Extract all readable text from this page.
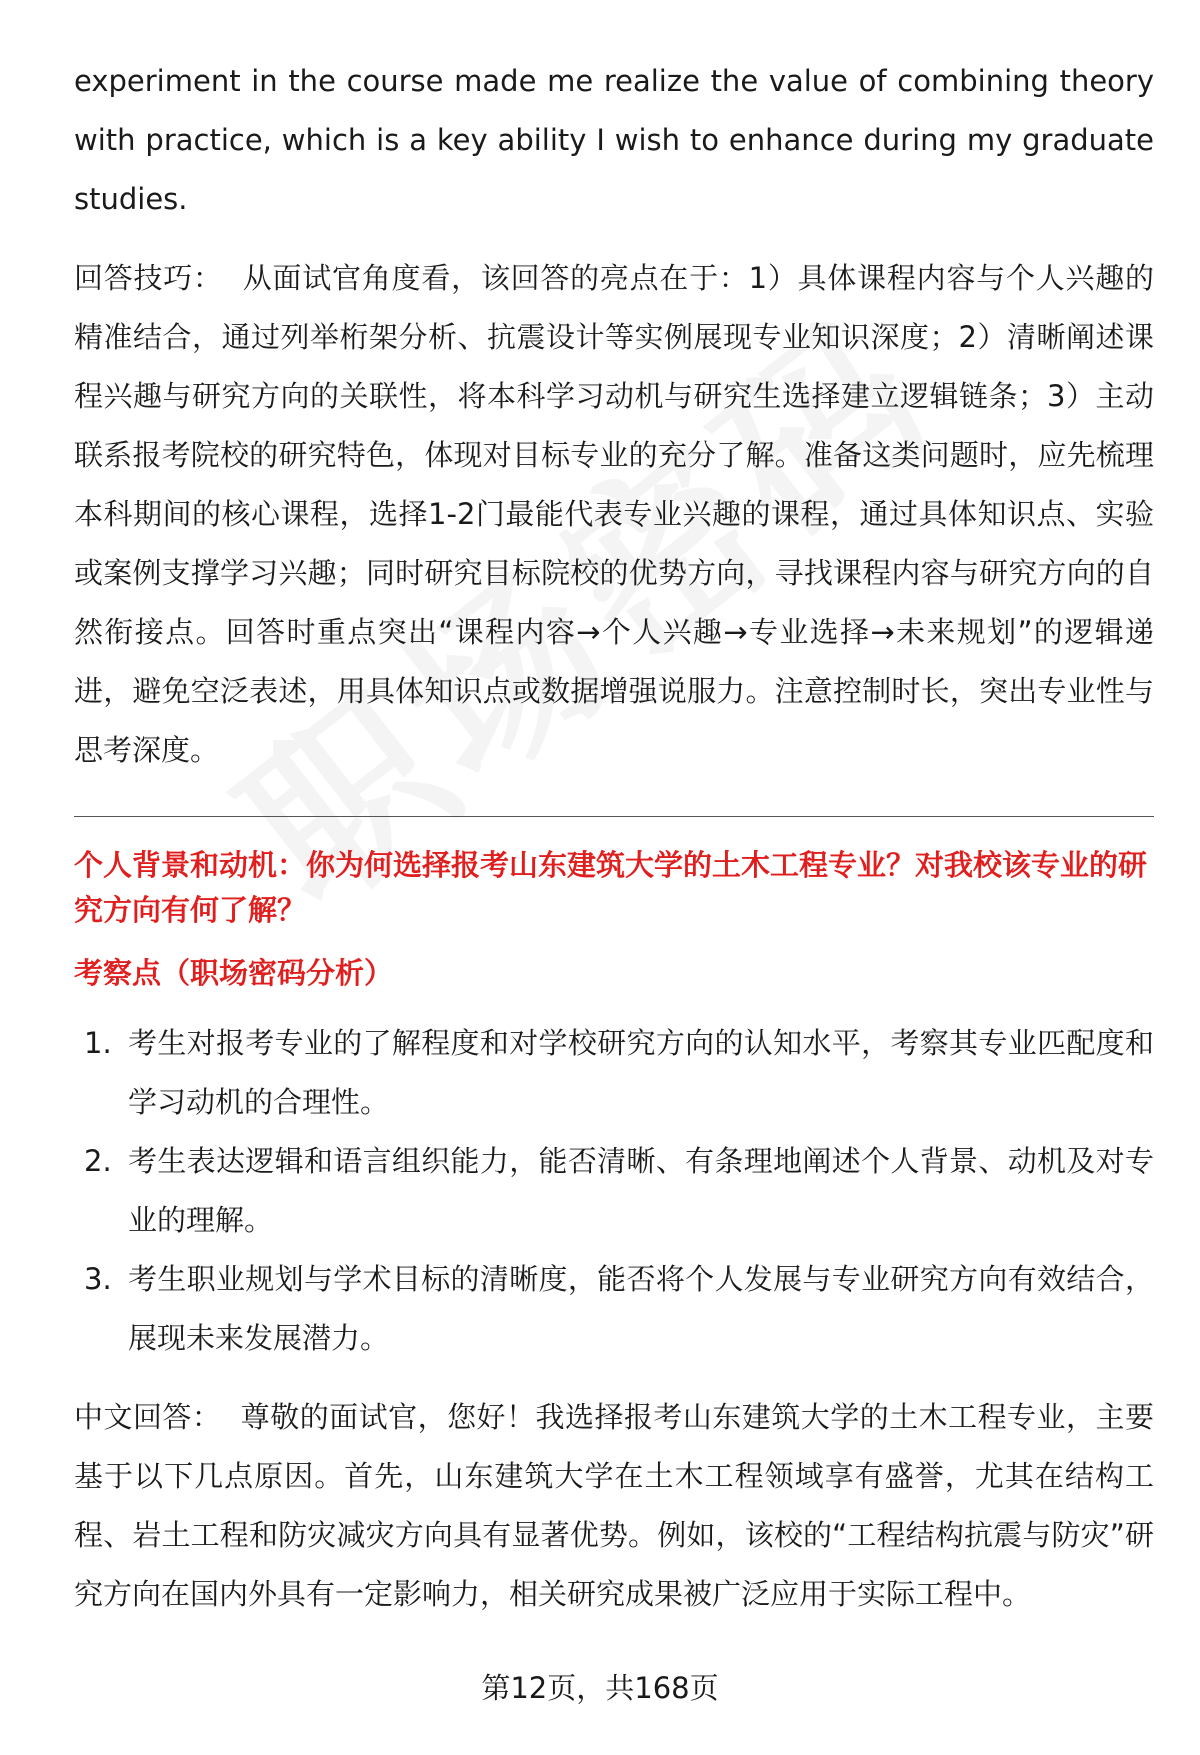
experiment in the course made me realize the value of combining theory with practice, which is a key ability I wish to enhance during my graduate studies.

回答技巧： 从面试官角度看，该回答的亮点在于：1）具体课程内容与个人兴趣的精准结合，通过列举桁架分析、抗震设计等实例展现专业知识深度；2）清晰阐述课程兴趣与研究方向的关联性，将本科学习动机与研究生选择建立逻辑链条；3）主动联系报考院校的研究特色，体现对目标专业的充分了解。准备这类问题时，应先梳理本科期间的核心课程，选择1-2门最能代表专业兴趣的课程，通过具体知识点、实验或案例支撑学习兴趣；同时研究目标院校的优势方向，寻找课程内容与研究方向的自然衔接点。回答时重点突出“课程内容→个人兴趣→专业选择→未来规划”的逻辑递进，避免空泛表述，用具体知识点或数据增强说服力。注意控制时长，突出专业性与思考深度。

个人背景和动机：你为何选择报考山东建筑大学的土木工程专业？对我校该专业的研究方向有何了解？
考察点（职场密码分析）
1. 考生对报考专业的了解程度和对学校研究方向的认知水平，考察其专业匹配度和学习动机的合理性。
2. 考生表达逻辑和语言组织能力，能否清晰、有条理地阐述个人背景、动机及对专业的理解。
3. 考生职业规划与学术目标的清晰度，能否将个人发展与专业研究方向有效结合，展现未来发展潜力。

中文回答： 尊敬的面试官，您好！我选择报考山东建筑大学的土木工程专业，主要基于以下几点原因。首先，山东建筑大学在土木工程领域享有盛誉，尤其在结构工程、岩土工程和防灾减灾方向具有显著优势。例如，该校的“工程结构抗震与防灾”研究方向在国内外具有一定影响力，相关研究成果被广泛应用于实际工程中。

第12页，共168页
